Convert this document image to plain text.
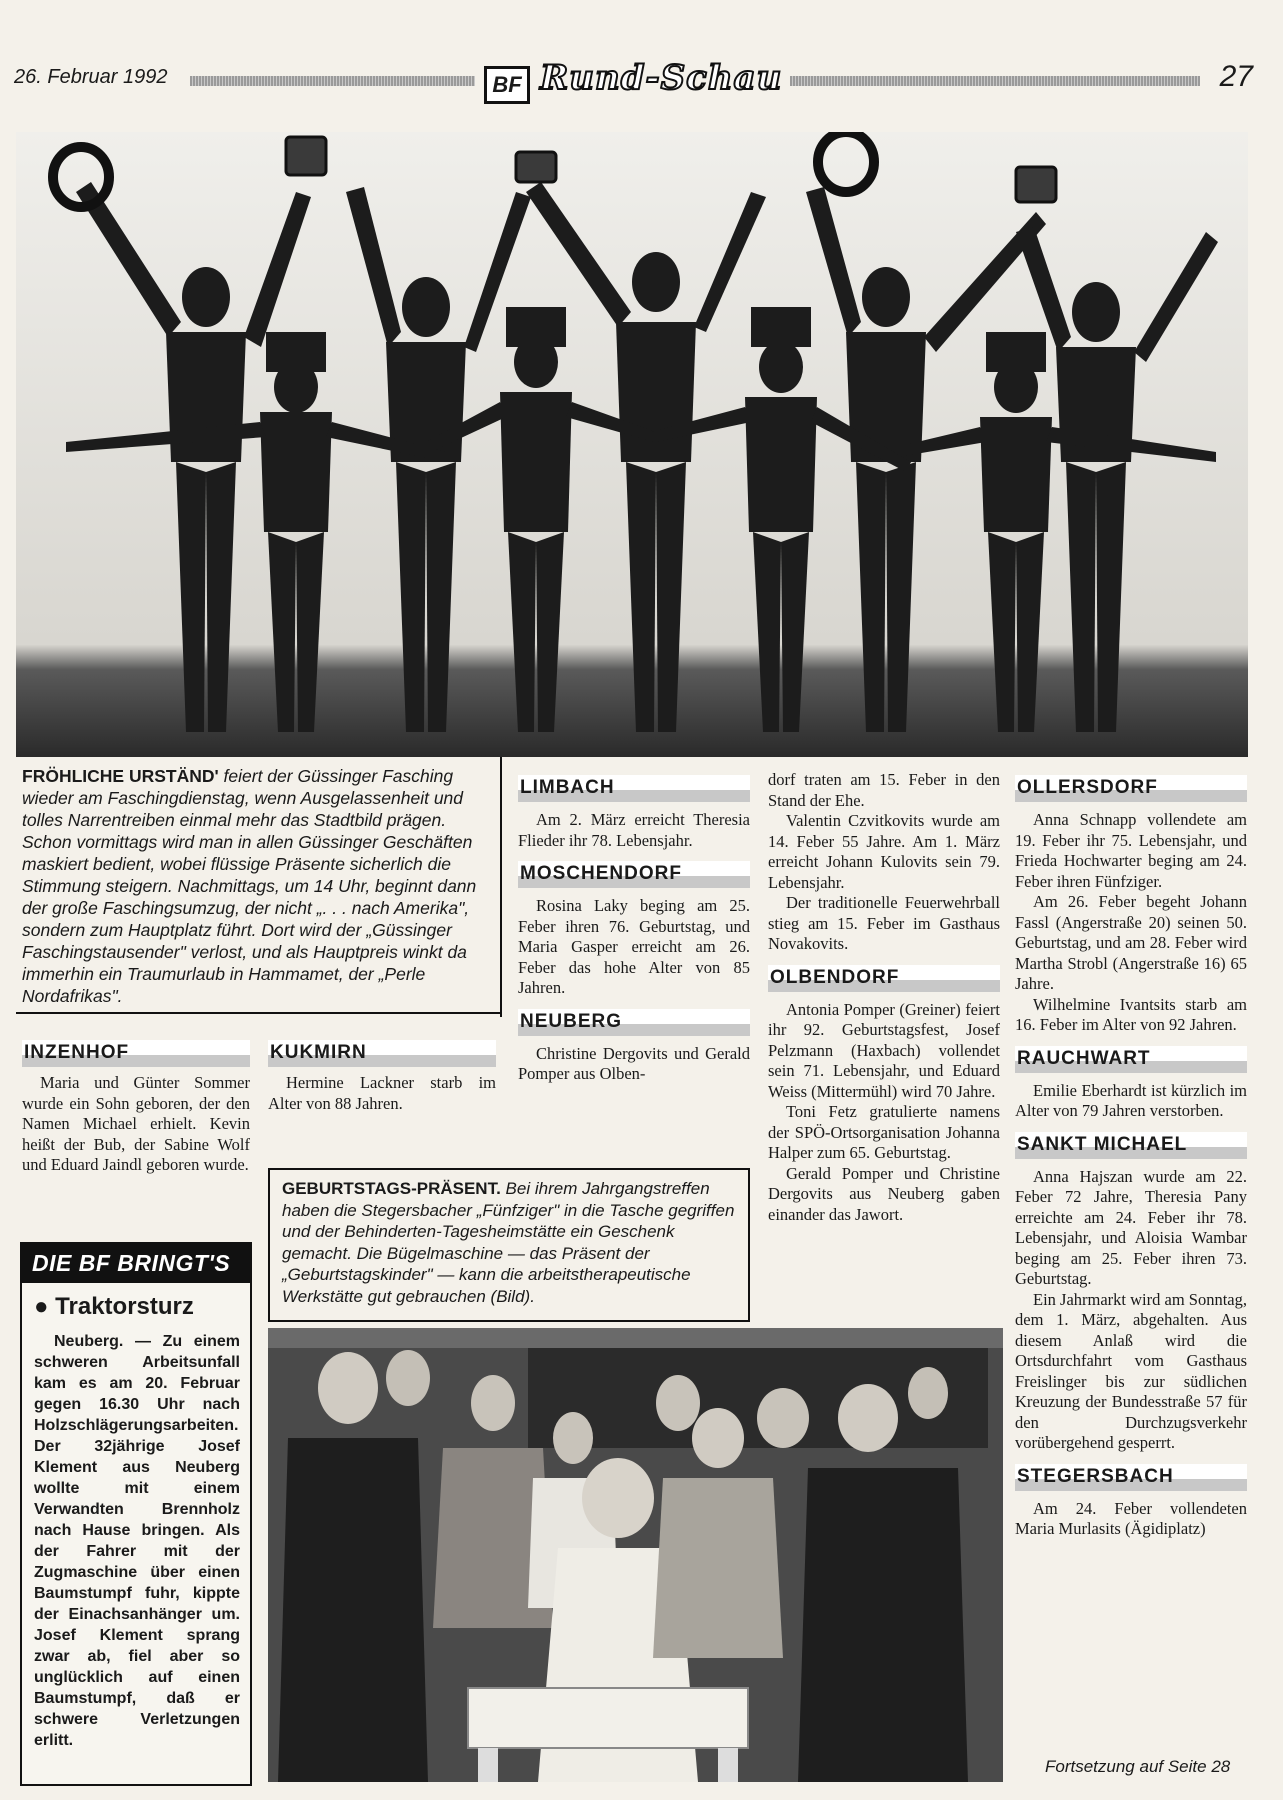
26. Februar 1992	BF Rund-Schau	27
FRÖHLICHE URSTÄND' feiert der Güssinger Fasching wieder am Faschingdienstag, wenn Ausgelassenheit und tolles Narrentreiben einmal mehr das Stadtbild prägen. Schon vormittags wird man in allen Güssinger Geschäften maskiert bedient, wobei flüssige Präsente sicherlich die Stimmung steigern. Nachmittags, um 14 Uhr, beginnt dann der große Faschingsumzug, der nicht „. . . nach Amerika", sondern zum Hauptplatz führt. Dort wird der „Güssinger Faschingstausender" verlost, und als Hauptpreis winkt da immerhin ein Traumurlaub in Hammamet, der „Perle Nordafrikas".
INZENHOF

Maria und Günter Sommer wurde ein Sohn geboren, der den Namen Michael erhielt. Kevin heißt der Bub, der Sabine Wolf und Eduard Jaindl geboren wurde.

KUKMIRN

Hermine Lackner starb im Alter von 88 Jahren.

LIMBACH

Am 2. März erreicht Theresia Flieder ihr 78. Lebensjahr.

MOSCHENDORF

Rosina Laky beging am 25. Feber ihren 76. Geburtstag, und Maria Gasper erreicht am 26. Feber das hohe Alter von 85 Jahren.

NEUBERG

Christine Dergovits und Gerald Pomper aus Olben-

dorf traten am 15. Feber in den Stand der Ehe.

Valentin Czvitkovits wurde am 14. Feber 55 Jahre. Am 1. März erreicht Johann Kulovits sein 79. Lebensjahr.

Der traditionelle Feuerwehrball stieg am 15. Feber im Gasthaus Novakovits.

OLBENDORF

Antonia Pomper (Greiner) feiert ihr 92. Geburtstagsfest, Josef Pelzmann (Haxbach) vollendet sein 71. Lebensjahr, und Eduard Weiss (Mittermühl) wird 70 Jahre.

Toni Fetz gratulierte namens der SPÖ-Ortsorganisation Johanna Halper zum 65. Geburtstag.

Gerald Pomper und Christine Dergovits aus Neuberg gaben einander das Jawort.

OLLERSDORF

Anna Schnapp vollendete am 19. Feber ihr 75. Lebensjahr, und Frieda Hochwarter beging am 24. Feber ihren Fünfziger.

Am 26. Feber begeht Johann Fassl (Angerstraße 20) seinen 50. Geburtstag, und am 28. Feber wird Martha Strobl (Angerstraße 16) 65 Jahre.

Wilhelmine Ivantsits starb am 16. Feber im Alter von 92 Jahren.

RAUCHWART

Emilie Eberhardt ist kürzlich im Alter von 79 Jahren verstorben.

SANKT MICHAEL

Anna Hajszan wurde am 22. Feber 72 Jahre, Theresia Pany erreichte am 24. Feber ihr 78. Lebensjahr, und Aloisia Wambar beging am 25. Feber ihren 73. Geburtstag.

Ein Jahrmarkt wird am Sonntag, dem 1. März, abgehalten. Aus diesem Anlaß wird die Ortsdurchfahrt vom Gasthaus Freislinger bis zur südlichen Kreuzung der Bundesstraße 57 für den Durchzugsverkehr vorübergehend gesperrt.

STEGERSBACH

Am 24. Feber vollendeten Maria Murlasits (Ägidiplatz)

GEBURTSTAGS-PRÄSENT. Bei ihrem Jahrgangstreffen haben die Stegersbacher „Fünfziger" in die Tasche gegriffen und der Behinderten-Tagesheimstätte ein Geschenk gemacht. Die Bügelmaschine — das Präsent der „Geburtstagskinder" — kann die arbeitstherapeutische Werkstätte gut gebrauchen (Bild).
DIE BF BRINGT'S
● Traktorsturz
Neuberg. — Zu einem schweren Arbeitsunfall kam es am 20. Februar gegen 16.30 Uhr nach Holzschlägerungsarbeiten. Der 32jährige Josef Klement aus Neuberg wollte mit einem Verwandten Brennholz nach Hause bringen. Als der Fahrer mit der Zugmaschine über einen Baumstumpf fuhr, kippte der Einachsanhänger um. Josef Klement sprang zwar ab, fiel aber so unglücklich auf einen Baumstumpf, daß er schwere Verletzungen erlitt.
Fortsetzung auf Seite 28
